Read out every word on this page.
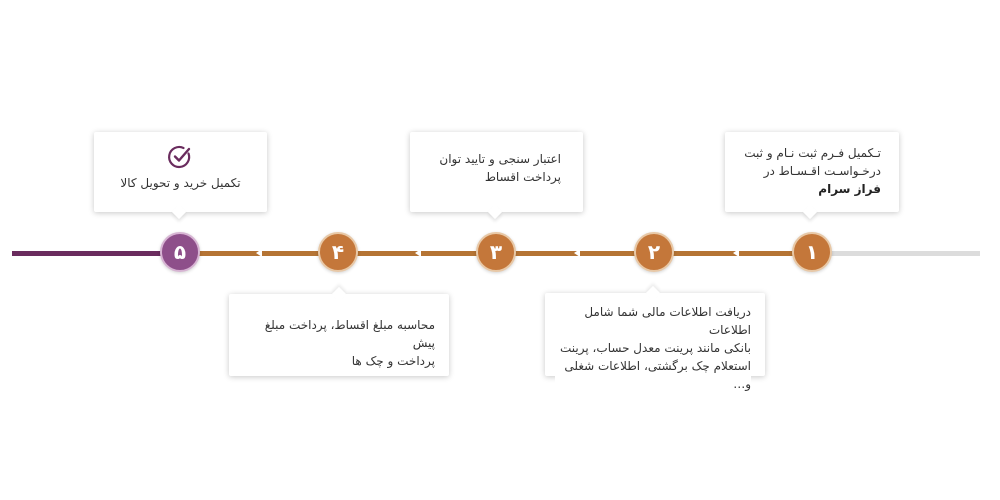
۱
۲
۳
۴
۵
تـکمیل فـرم ثبت نـام و ثبت
درخـواسـت اقـسـاط در
فراز سرام
دریافت اطلاعات مالی شما شامل اطلاعات
بانکی مانند پرینت معدل حساب، پرینت
استعلام چک برگشتی، اطلاعات شغلی و…
اعتبار سنجی و تایید توان
پرداخت اقساط
محاسبه مبلغ اقساط، پرداخت مبلغ پیش
پرداخت و چک ها
تکمیل خرید و تحویل کالا
